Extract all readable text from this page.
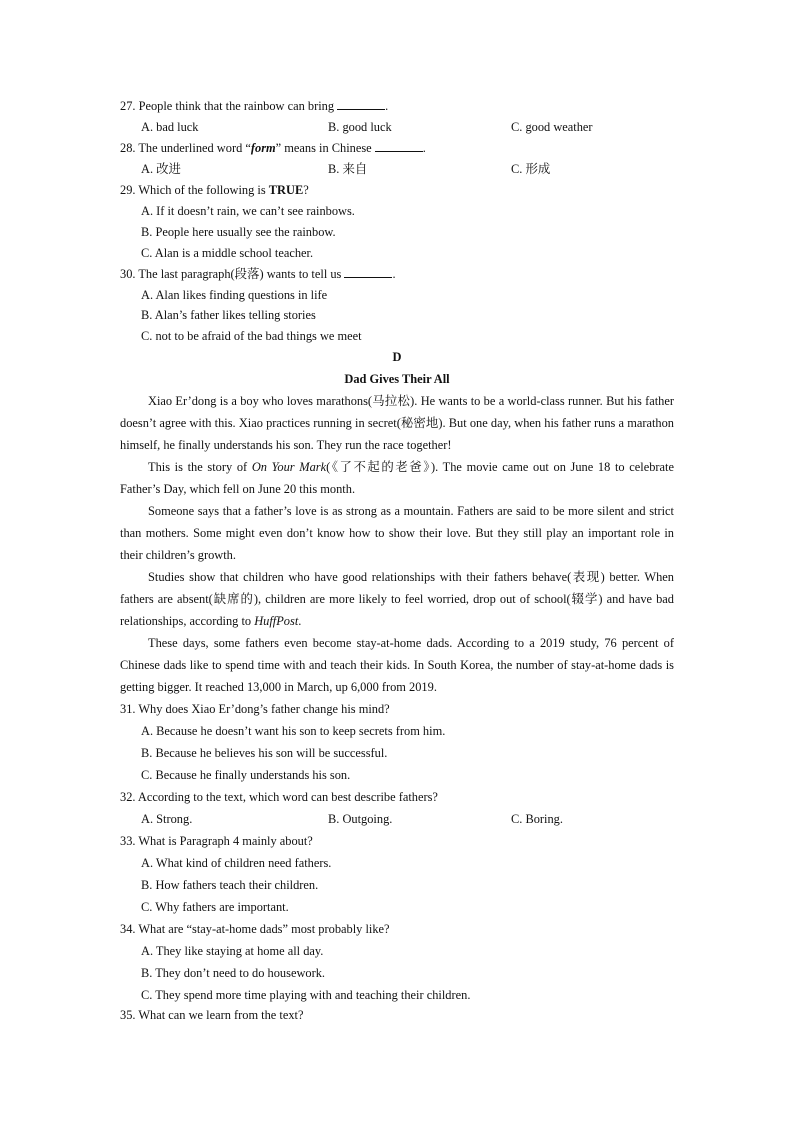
27. People think that the rainbow can bring	.
A. bad luck	B. good luck	C. good weather
28. The underlined word “form” means in Chinese	.
A. 改进	B. 来自	C. 形成
29. Which of the following is TRUE?
A. If it doesn’t rain, we can’t see rainbows.
B. People here usually see the rainbow.
C. Alan is a middle school teacher.
30. The last paragraph(段落) wants to tell us	.
A. Alan likes finding questions in life
B. Alan’s father likes telling stories
C. not to be afraid of the bad things we meet
D
Dad Gives Their All
Xiao Er’dong is a boy who loves marathons(马拉松). He wants to be a world-class runner. But his father doesn’t agree with this. Xiao practices running in secret(秘密地). But one day, when his father runs a marathon himself, he finally understands his son. They run the race together!
This is the story of On Your Mark(《了不起的老爸》). The movie came out on June 18 to celebrate Father’s Day, which fell on June 20 this month.
Someone says that a father’s love is as strong as a mountain. Fathers are said to be more silent and strict than mothers. Some might even don’t know how to show their love. But they still play an important role in their children’s growth.
Studies show that children who have good relationships with their fathers behave(表现) better. When fathers are absent(缺席的), children are more likely to feel worried, drop out of school(辍学) and have bad relationships, according to HuffPost.
These days, some fathers even become stay-at-home dads. According to a 2019 study, 76 percent of Chinese dads like to spend time with and teach their kids. In South Korea, the number of stay-at-home dads is getting bigger. It reached 13,000 in March, up 6,000 from 2019.
31. Why does Xiao Er’dong’s father change his mind?
A. Because he doesn’t want his son to keep secrets from him.
B. Because he believes his son will be successful.
C. Because he finally understands his son.
32. According to the text, which word can best describe fathers?
A. Strong.	B. Outgoing.	C. Boring.
33. What is Paragraph 4 mainly about?
A. What kind of children need fathers.
B. How fathers teach their children.
C. Why fathers are important.
34. What are “stay-at-home dads” most probably like?
A. They like staying at home all day.
B. They don’t need to do housework.
C. They spend more time playing with and teaching their children.
35. What can we learn from the text?
